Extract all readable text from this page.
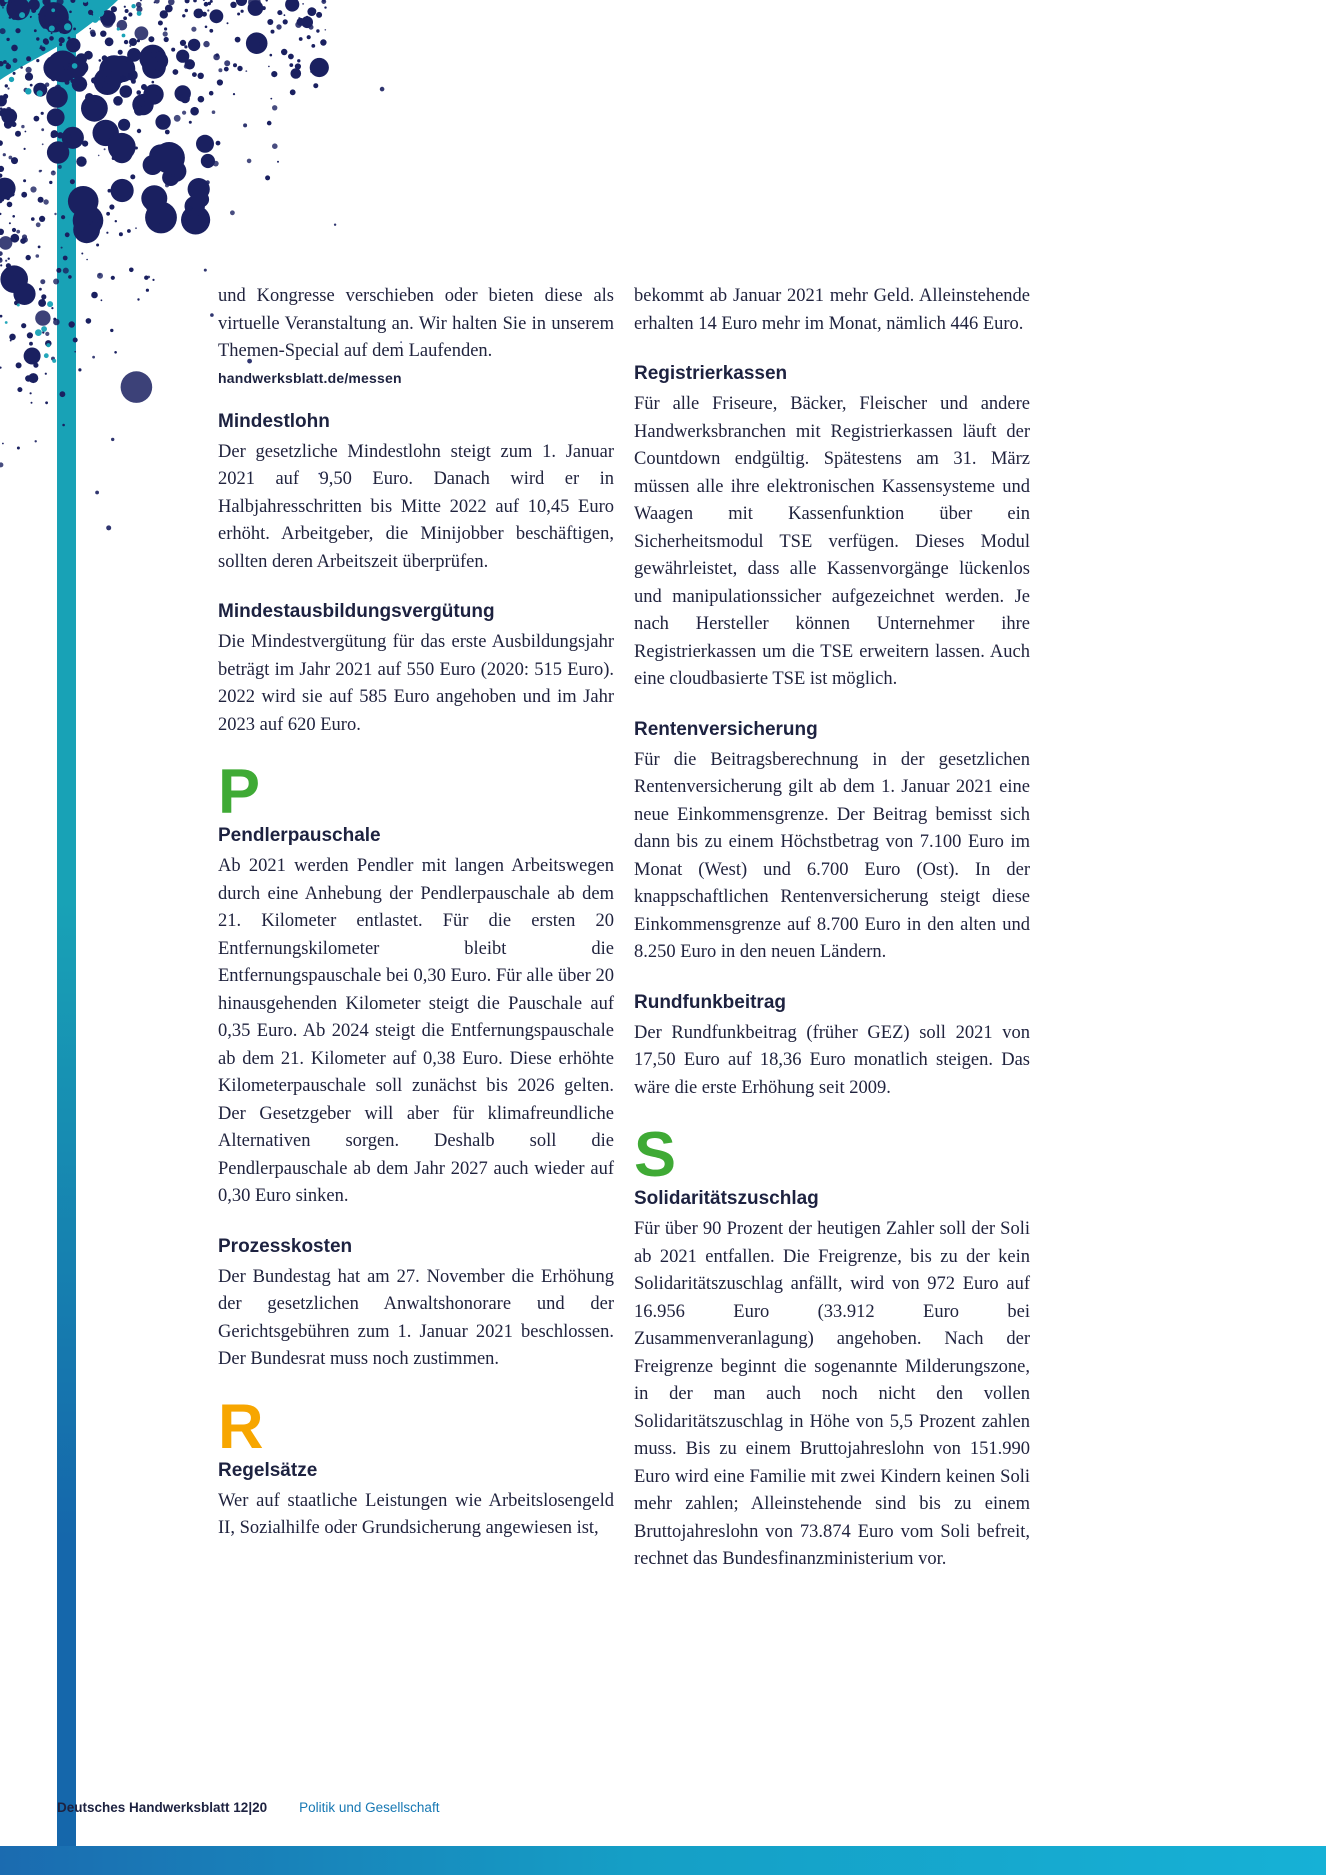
und Kongresse verschieben oder bieten diese als virtuelle Veranstaltung an. Wir halten Sie in unserem Themen-Special auf dem Laufenden.

handwerksblatt.de/messen
Mindestlohn

Der gesetzliche Mindestlohn steigt zum 1. Januar 2021 auf 9,50 Euro. Danach wird er in Halbjahresschritten bis Mitte 2022 auf 10,45 Euro erhöht. Arbeitgeber, die Minijobber beschäftigen, sollten deren Arbeitszeit überprüfen.

Mindestausbildungsvergütung

Die Mindestvergütung für das erste Ausbildungsjahr beträgt im Jahr 2021 auf 550 Euro (2020: 515 Euro). 2022 wird sie auf 585 Euro angehoben und im Jahr 2023 auf 620 Euro.

P
Pendlerpauschale

Ab 2021 werden Pendler mit langen Arbeitswegen durch eine Anhebung der Pendlerpauschale ab dem 21. Kilometer entlastet. Für die ersten 20 Entfernungskilometer bleibt die Entfernungspauschale bei 0,30 Euro. Für alle über 20 hinausgehenden Kilometer steigt die Pauschale auf 0,35 Euro. Ab 2024 steigt die Entfernungspauschale ab dem 21. Kilometer auf 0,38 Euro. Diese erhöhte Kilometerpauschale soll zunächst bis 2026 gelten. Der Gesetzgeber will aber für klimafreundliche Alternativen sorgen. Deshalb soll die Pendlerpauschale ab dem Jahr 2027 auch wieder auf 0,30 Euro sinken.

Prozesskosten

Der Bundestag hat am 27. November die Erhöhung der gesetzlichen Anwaltshonorare und der Gerichtsgebühren zum 1. Januar 2021 beschlossen. Der Bundesrat muss noch zustimmen.

R
Regelsätze

Wer auf staatliche Leistungen wie Arbeitslosengeld II, Sozialhilfe oder Grundsicherung angewiesen ist,

bekommt ab Januar 2021 mehr Geld. Alleinstehende erhalten 14 Euro mehr im Monat, nämlich 446 Euro.

Registrierkassen

Für alle Friseure, Bäcker, Fleischer und andere Handwerksbranchen mit Registrierkassen läuft der Countdown endgültig. Spätestens am 31. März müssen alle ihre elektronischen Kassensysteme und Waagen mit Kassenfunktion über ein Sicherheitsmodul TSE verfügen. Dieses Modul gewährleistet, dass alle Kassenvorgänge lückenlos und manipulationssicher aufgezeichnet werden. Je nach Hersteller können Unternehmer ihre Registrierkassen um die TSE erweitern lassen. Auch eine cloudbasierte TSE ist möglich.

Rentenversicherung

Für die Beitragsberechnung in der gesetzlichen Rentenversicherung gilt ab dem 1. Januar 2021 eine neue Einkommensgrenze. Der Beitrag bemisst sich dann bis zu einem Höchstbetrag von 7.100 Euro im Monat (West) und 6.700 Euro (Ost). In der knappschaftlichen Rentenversicherung steigt diese Einkommensgrenze auf 8.700 Euro in den alten und 8.250 Euro in den neuen Ländern.

Rundfunkbeitrag

Der Rundfunkbeitrag (früher GEZ) soll 2021 von 17,50 Euro auf 18,36 Euro monatlich steigen. Das wäre die erste Erhöhung seit 2009.

S
Solidaritätszuschlag

Für über 90 Prozent der heutigen Zahler soll der Soli ab 2021 entfallen. Die Freigrenze, bis zu der kein Solidaritätszuschlag anfällt, wird von 972 Euro auf 16.956 Euro (33.912 Euro bei Zusammenveranlagung) angehoben. Nach der Freigrenze beginnt die sogenannte Milderungszone, in der man auch noch nicht den vollen Solidaritätszuschlag in Höhe von 5,5 Prozent zahlen muss. Bis zu einem Bruttojahreslohn von 151.990 Euro wird eine Familie mit zwei Kindern keinen Soli mehr zahlen; Alleinstehende sind bis zu einem Bruttojahreslohn von 73.874 Euro vom Soli befreit, rechnet das Bundesfinanzministerium vor.

Deutsches Handwerksblatt 12|20 Politik und Gesellschaft
